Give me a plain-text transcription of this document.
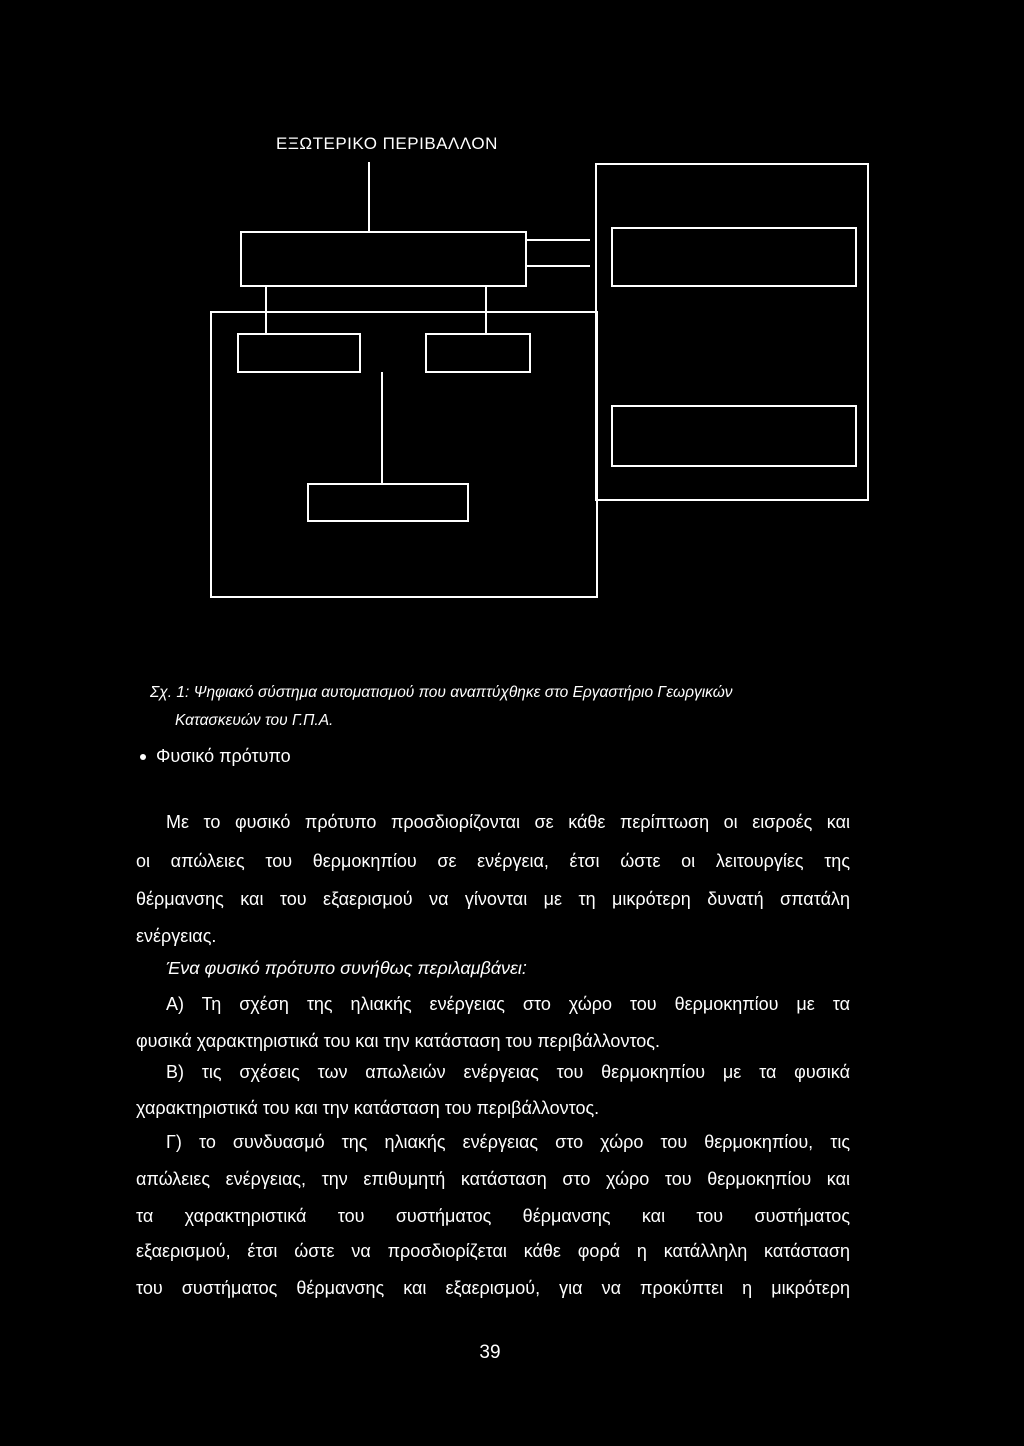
ΕΞΩΤΕΡΙΚΟ ΠΕΡΙΒΑΛΛΟΝ
Σχ. 1: Ψηφιακό σύστημα αυτοματισμού που αναπτύχθηκε στο Εργαστήριο Γεωργικών
Κατασκευών του Γ.Π.Α.
Φυσικό πρότυπο
Με το φυσικό πρότυπο προσδιορίζονται σε κάθε περίπτωση οι εισροές και
οι απώλειες του θερμοκηπίου σε ενέργεια, έτσι ώστε οι λειτουργίες της
θέρμανσης και του εξαερισμού να γίνονται με τη μικρότερη δυνατή σπατάλη
ενέργειας.
Ένα φυσικό πρότυπο συνήθως περιλαμβάνει:
Α) Τη σχέση της ηλιακής ενέργειας στο χώρο του θερμοκηπίου με τα
φυσικά χαρακτηριστικά του και την κατάσταση του περιβάλλοντος.
Β) τις σχέσεις των απωλειών ενέργειας του θερμοκηπίου με τα φυσικά
χαρακτηριστικά του και την κατάσταση του περιβάλλοντος.
Γ) το συνδυασμό της ηλιακής ενέργειας στο χώρο του θερμοκηπίου, τις
απώλειες ενέργειας, την επιθυμητή κατάσταση στο χώρο του θερμοκηπίου και
τα χαρακτηριστικά του συστήματος θέρμανσης και του συστήματος
εξαερισμού, έτσι ώστε να προσδιορίζεται κάθε φορά η κατάλληλη κατάσταση
του συστήματος θέρμανσης και εξαερισμού, για να προκύπτει η μικρότερη
39
